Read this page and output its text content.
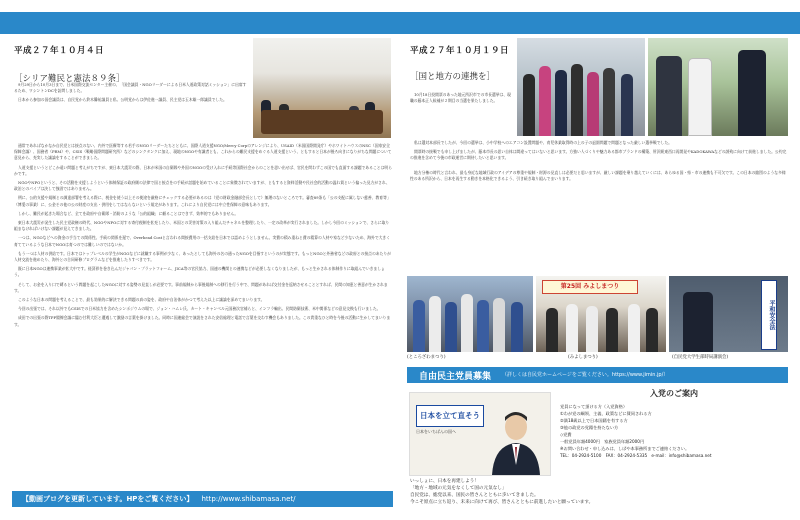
平成２７年１０月４日
［シリア難民と憲法８９条］

9月29日から10月3日まで、日米国際交流センター主催の、「国会議員・NGOリーダーによる日米人道政策対話ミッション」に出席するため、ワシントンDCを訪問しました。

日本から参加の国会議員は、自民党から鈴木馨祐議員と私、公明党からは伊佐進一議員、民主党は玉木雄一郎議員でした。

通常であればなかなか自民党とは接点のない、内外で医療等する若手のNGOリーダーたちとともに、国際人道支援NGO/Mercy Corpのアレンジにより、USAID（米国国際開発庁）やホワイトハウスのNSC（国家安全保障会議）、国務省（PRM）や、CSIS（戦略国際問題研究所）などのシンクタンクに加え、現地のNGOや有識者とも、これからの難民支援をめぐる人道支援という、ともすると日本が後ろ向きになりがちな問題について意見から、充実した議論をすることができました。

人道支援というとどこか遠い問題と考えがちですが、東日本大震災の際、日本が米国の自衛隊や外国のNGOの受け入れに手続等国際社会からのことを思い出せば、官民を問わずこの国でも直面する課題であることは明らかです。

NGOやNPOというと、その活動を支援しようという体制保証の政府側の法律で国と接点をの手続が話題を始めていることに象徴されていますが、ともすると資料活動や民社会的活動の温れ賃という偏った見方がされ、政治とのパイプは決して強固ではありません。

例に、公的支援や規制との調達部署を考える際に、税金を使う以上その使途を厳格にチェックする必要があるのは（党の財政金融部会長として）無理のないところです。審査89条も「公の支配に属しない慈善、教育等」（博愛の事業）に、公金その他の公の財産の支出・供用をしてはならないという規定があります。これにより自民党には中立性保障の意味もあります。

しかし、難民が起きた場合など、全てを政府や自衛隊・消防のような「公的組織」に頼ることはできず、効率的でもありません。

東日本大震災が発生した民主党政権の時代、NGOやNPOに対する寄付税制を拡充したり、米国との災害対策の入り組んだチャネルを整理したり、一定の改革が実行されました。しかし今回のミッションで、さらに取り組まなければいけない課題が見えてきました。

一つは、NGOなどへの資金の手当ての関係性。手続の関係を遅で、Overhead Costと言われる間接費用の一括支給を日本では認めようとしません。実費の積み重ねと費の精算の人材や家など少ないため、海外で大きく育てているような日本でNGOは育つのでは難しいのではないか。

もう一つは人材の供給です。日本ではトップレベルの学生がNGOなどに就職する事例が少なく、あったとしても海外の名の通ったNGOを目指すというのが実態です。もっとNGOと外務省などの政府との接点のあたりが人材交流を進めたり、海外との合同研修プログラムなどを推進したりすべきです。

既に日本NGOは連携事業が拡大中です。経済界を巻き込んだジャパン・プラットフォーム、JICA等の官民協力、国連の機関との連携などが必要しなくなりましたが、もっと生かされる体制作りに取組んでいきましょう。

そして、お金を入り口で縛るという問題を起こしたNGOに対する姿勢の見直しが必要です。事前規制から事後規制への移行を行う中で、問題があれば交付金を返納させることとすれば、民間の知恵と善意が生かされます。

このような日本の問題を考えることで、最も効果的に解決できる問題の真の姿を、政府や自治体がかつて考えた以上に議論を深めてまいります。

今回の出張では、それ以外でもCSISでの日米協力を含めたシンポジウムの場で、ジョン・ハムレ氏、カート・キャンベル元国務次官補らと、インフラ輸出、民間防衛技術、米中関係などの意見交換も行いました。

成田での出張の際TPP閣僚会議に臨む甘利大臣と遭遇して激励の言葉を掛けました。同時に国連総会で演説をされた安倍総理と電話で言葉を交わす機会もありました。この貴重なひと時を今後の活動に生かしてまいります。

平成２７年１０月１９日
［国と地方の連携を］

10月18日投開票のあった地元所沢市での市長選挙は、現職の藤本正人候補が２期目の当選を果たしました。

私は選対本部長でしたが、今回の選挙は、小中学校へのエアコン設置問題や、育児休業取得時の上の子の退園問題で問題となった厳しい選挙戦でした。

開票時の接戦でも申し上げましたが、藤本市長の思い自体は間違ってはいないと思います。方強い人づくりや魅力ある都市ブランドの構築、所沢駅東西口再開発やKADOKAWAなどの誘致に向けて前進しました。公約完の推進を含めて今後の市政運営に期待したいと思います。

地方分権の時代と言われ、最も身近な地域行政のアイデアの尊重や規制・財源の見直しは必要だと思いますが、厳しい課題を乗り越えていくには、あらゆる国・県・市の連携も不可欠です。この日本の縮図のような多様性のある所沢から、日本を再生する動きを本格化できるよう、引き続き取り組んでまいります。

(ところざわまつり)
第25回 みよしまつり
(みよしまつり)
平和安全法
(自民党大学生部時局講演会)
自由民主党員募集 （詳しくは自民党ホームページをご覧ください。https://www.jimin.jp/）
日本を立て直そう
日本をいちばんの国へ
入党のご案内
党員になって頂ける方（入党資格）
①わが党の綱領、主義、政策などに賛同される方
②満18歳以上で日本国籍を有する方
③他の政党の党籍を持たない方
◇党費
一般党員年額4000円　家族党員年額2000円
※お問い合わせ・申し込みは、しばや本事務所までご連絡ください。
TEL：04-2924-5100　FAX：04-2924-5335　e-mail：info@shibamasa.net
いっしょに、日本を再建しよう！
「地方・地域の元気をなくして国の元気なし」
自民党は、総党以来、国民の皆さんとともに歩いてきました。
今こそ原点に立ち返り、未来に向けて再び、皆さんとともに前進したいと願っています。
【動画ブログを更新しています。HPをご覧ください】 http://www.shibamasa.net/
